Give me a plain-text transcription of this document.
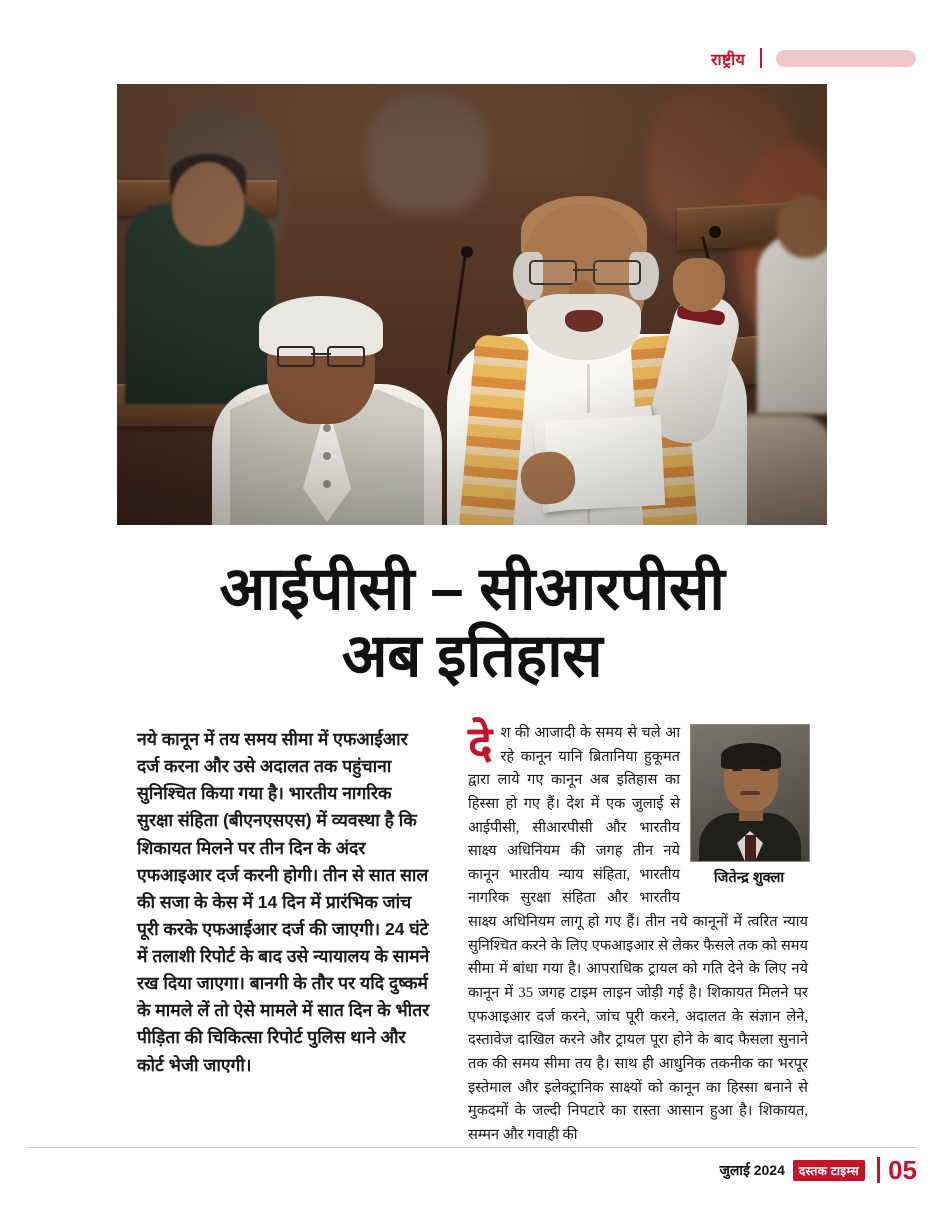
राष्ट्रीय
आईपीसी – सीआरपीसी
अब इतिहास
नये कानून में तय समय सीमा में एफआईआर दर्ज करना और उसे अदालत तक पहुंचाना सुनिश्चित किया गया है। भारतीय नागरिक सुरक्षा संहिता (बीएनएसएस) में व्यवस्था है कि शिकायत मिलने पर तीन दिन के अंदर एफआइआर दर्ज करनी होगी। तीन से सात साल की सजा के केस में 14 दिन में प्रारंभिक जांच पूरी करके एफआईआर दर्ज की जाएगी। 24 घंटे में तलाशी रिपोर्ट के बाद उसे न्यायालय के सामने रख दिया जाएगा। बानगी के तौर पर यदि दुष्कर्म के मामले लें तो ऐसे मामले में सात दिन के भीतर पीड़िता की चिकित्सा रिपोर्ट पुलिस थाने और कोर्ट भेजी जाएगी।
जितेन्द्र शुक्ला
दे श की आजादी के समय से चले आ रहे कानून यानि ब्रितानिया हुकूमत द्वारा लाये गए कानून अब इतिहास का हिस्सा हो गए हैं। देश में एक जुलाई से आईपीसी, सीआरपीसी और भारतीय साक्ष्य अधिनियम की जगह तीन नये कानून भारतीय न्याय संहिता, भारतीय नागरिक सुरक्षा संहिता और भारतीय साक्ष्य अधिनियम लागू हो गए हैं। तीन नये कानूनों में त्वरित न्याय सुनिश्चित करने के लिए एफआइआर से लेकर फैसले तक को समय सीमा में बांधा गया है। आपराधिक ट्रायल को गति देने के लिए नये कानून में 35 जगह टाइम लाइन जोड़ी गई है। शिकायत मिलने पर एफआइआर दर्ज करने, जांच पूरी करने, अदालत के संज्ञान लेने, दस्तावेज दाखिल करने और ट्रायल पूरा होने के बाद फैसला सुनाने तक की समय सीमा तय है। साथ ही आधुनिक तकनीक का भरपूर इस्तेमाल और इलेक्ट्रानिक साक्ष्यों को कानून का हिस्सा बनाने से मुकदमों के जल्दी निपटारे का रास्ता आसान हुआ है। शिकायत, सम्मन और गवाही की
जुलाई 2024	दस्तक टाइम्स 05
